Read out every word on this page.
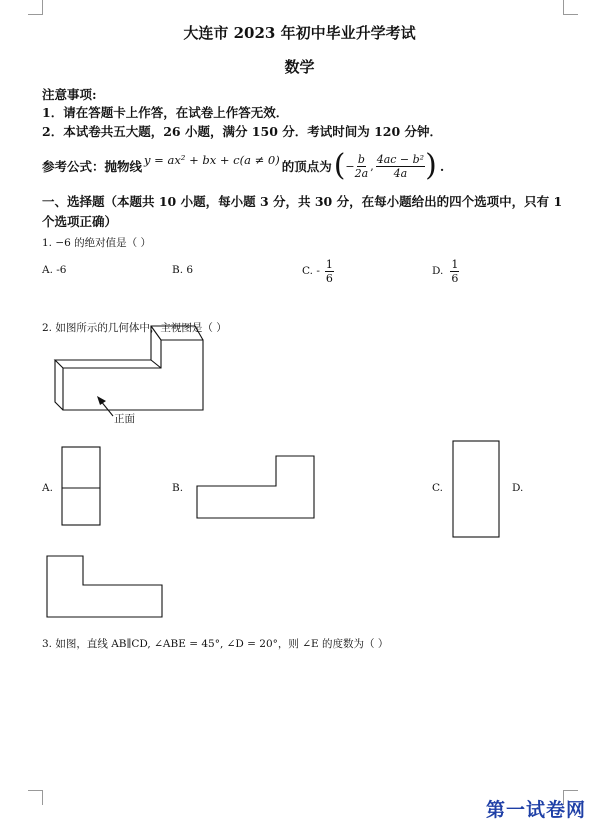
大连市 2023 年初中毕业升学考试
数学
注意事项:
1．请在答题卡上作答，在试卷上作答无效．
2．本试卷共五大题，26 小题，满分 150 分．考试时间为 120 分钟．
参考公式：抛物线 y = ax² + bx + c(a ≠ 0) 的顶点为 ( − $\frac{b}{2a}$ , $\frac{\text{4ac − b²}}{4a}$ ) .
一、选择题（本题共 10 小题，每小题 3 分，共 30 分，在每小题给出的四个选项中，只有 1
个选项正确）
1. −6 的绝对值是（ ）
A. -6	B. 6	C. - $\frac{1}{6}$	D. $\frac{1}{6}$
2. 如图所示的几何体中，主视图是（ ）
正面
A.	B.	C.	D.
3. 如图，直线 AB∥CD, ∠ABE = 45°, ∠D = 20°，则 ∠E 的度数为（ ）
第一试卷网
